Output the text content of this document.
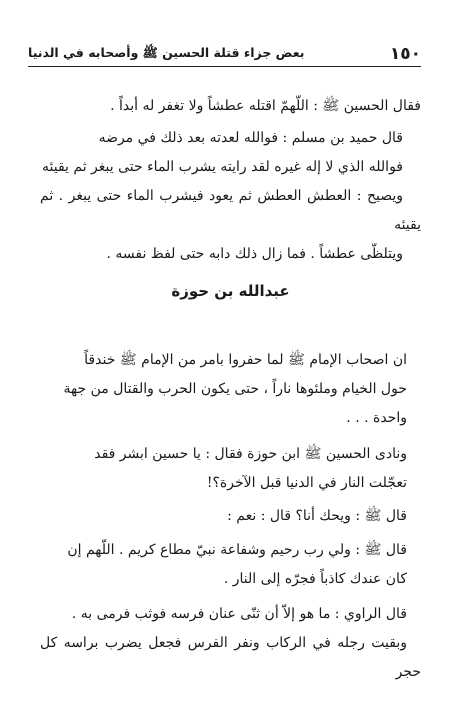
١٥٠
بعض جزاء قتلة الحسين ﷺ وأصحابه في الدنيا
فقال الحسين ﷺ : اللّهمّ اقتله عطشاً ولا تغفر له أبداً .
قال حميد بن مسلم : فوالله لعدته بعد ذلك في مرضه
فوالله الذي لا إله غيره لقد رايته يشرب الماء حتى يبغر ثم يقيئه
ويصيح : العطش العطش ثم يعود فيشرب الماء حتى يبغر . ثم يقيئه
ويتلظّى عطشاً . فما زال ذلك دابه حتى لفظ نفسه .
عبدالله بن حوزة
ان اصحاب الإمام ﷺ لما حفروا بامر من الإمام ﷺ خندقاً
حول الخيام وملئوها ناراً ، حتى يكون الحرب والقتال من جهة
واحدة . . .
ونادى الحسين ﷺ ابن حوزة فقال : يا حسين ابشر فقد
تعجّلت النار في الدنيا قبل الآخرة؟!
قال ﷺ : ويحك أنا؟ قال : نعم :
قال ﷺ : ولي رب رحيم وشفاعة نبيّ مطاع كريم . اللّهم إن
كان عندك كاذباً فجرّه إلى النار .
قال الراوي : ما هو إلاّ أن ثنّى عنان فرسه فوثب فرمى به .
وبقيت رجله في الركاب ونفر الفرس فجعل يضرب براسه كل حجر
